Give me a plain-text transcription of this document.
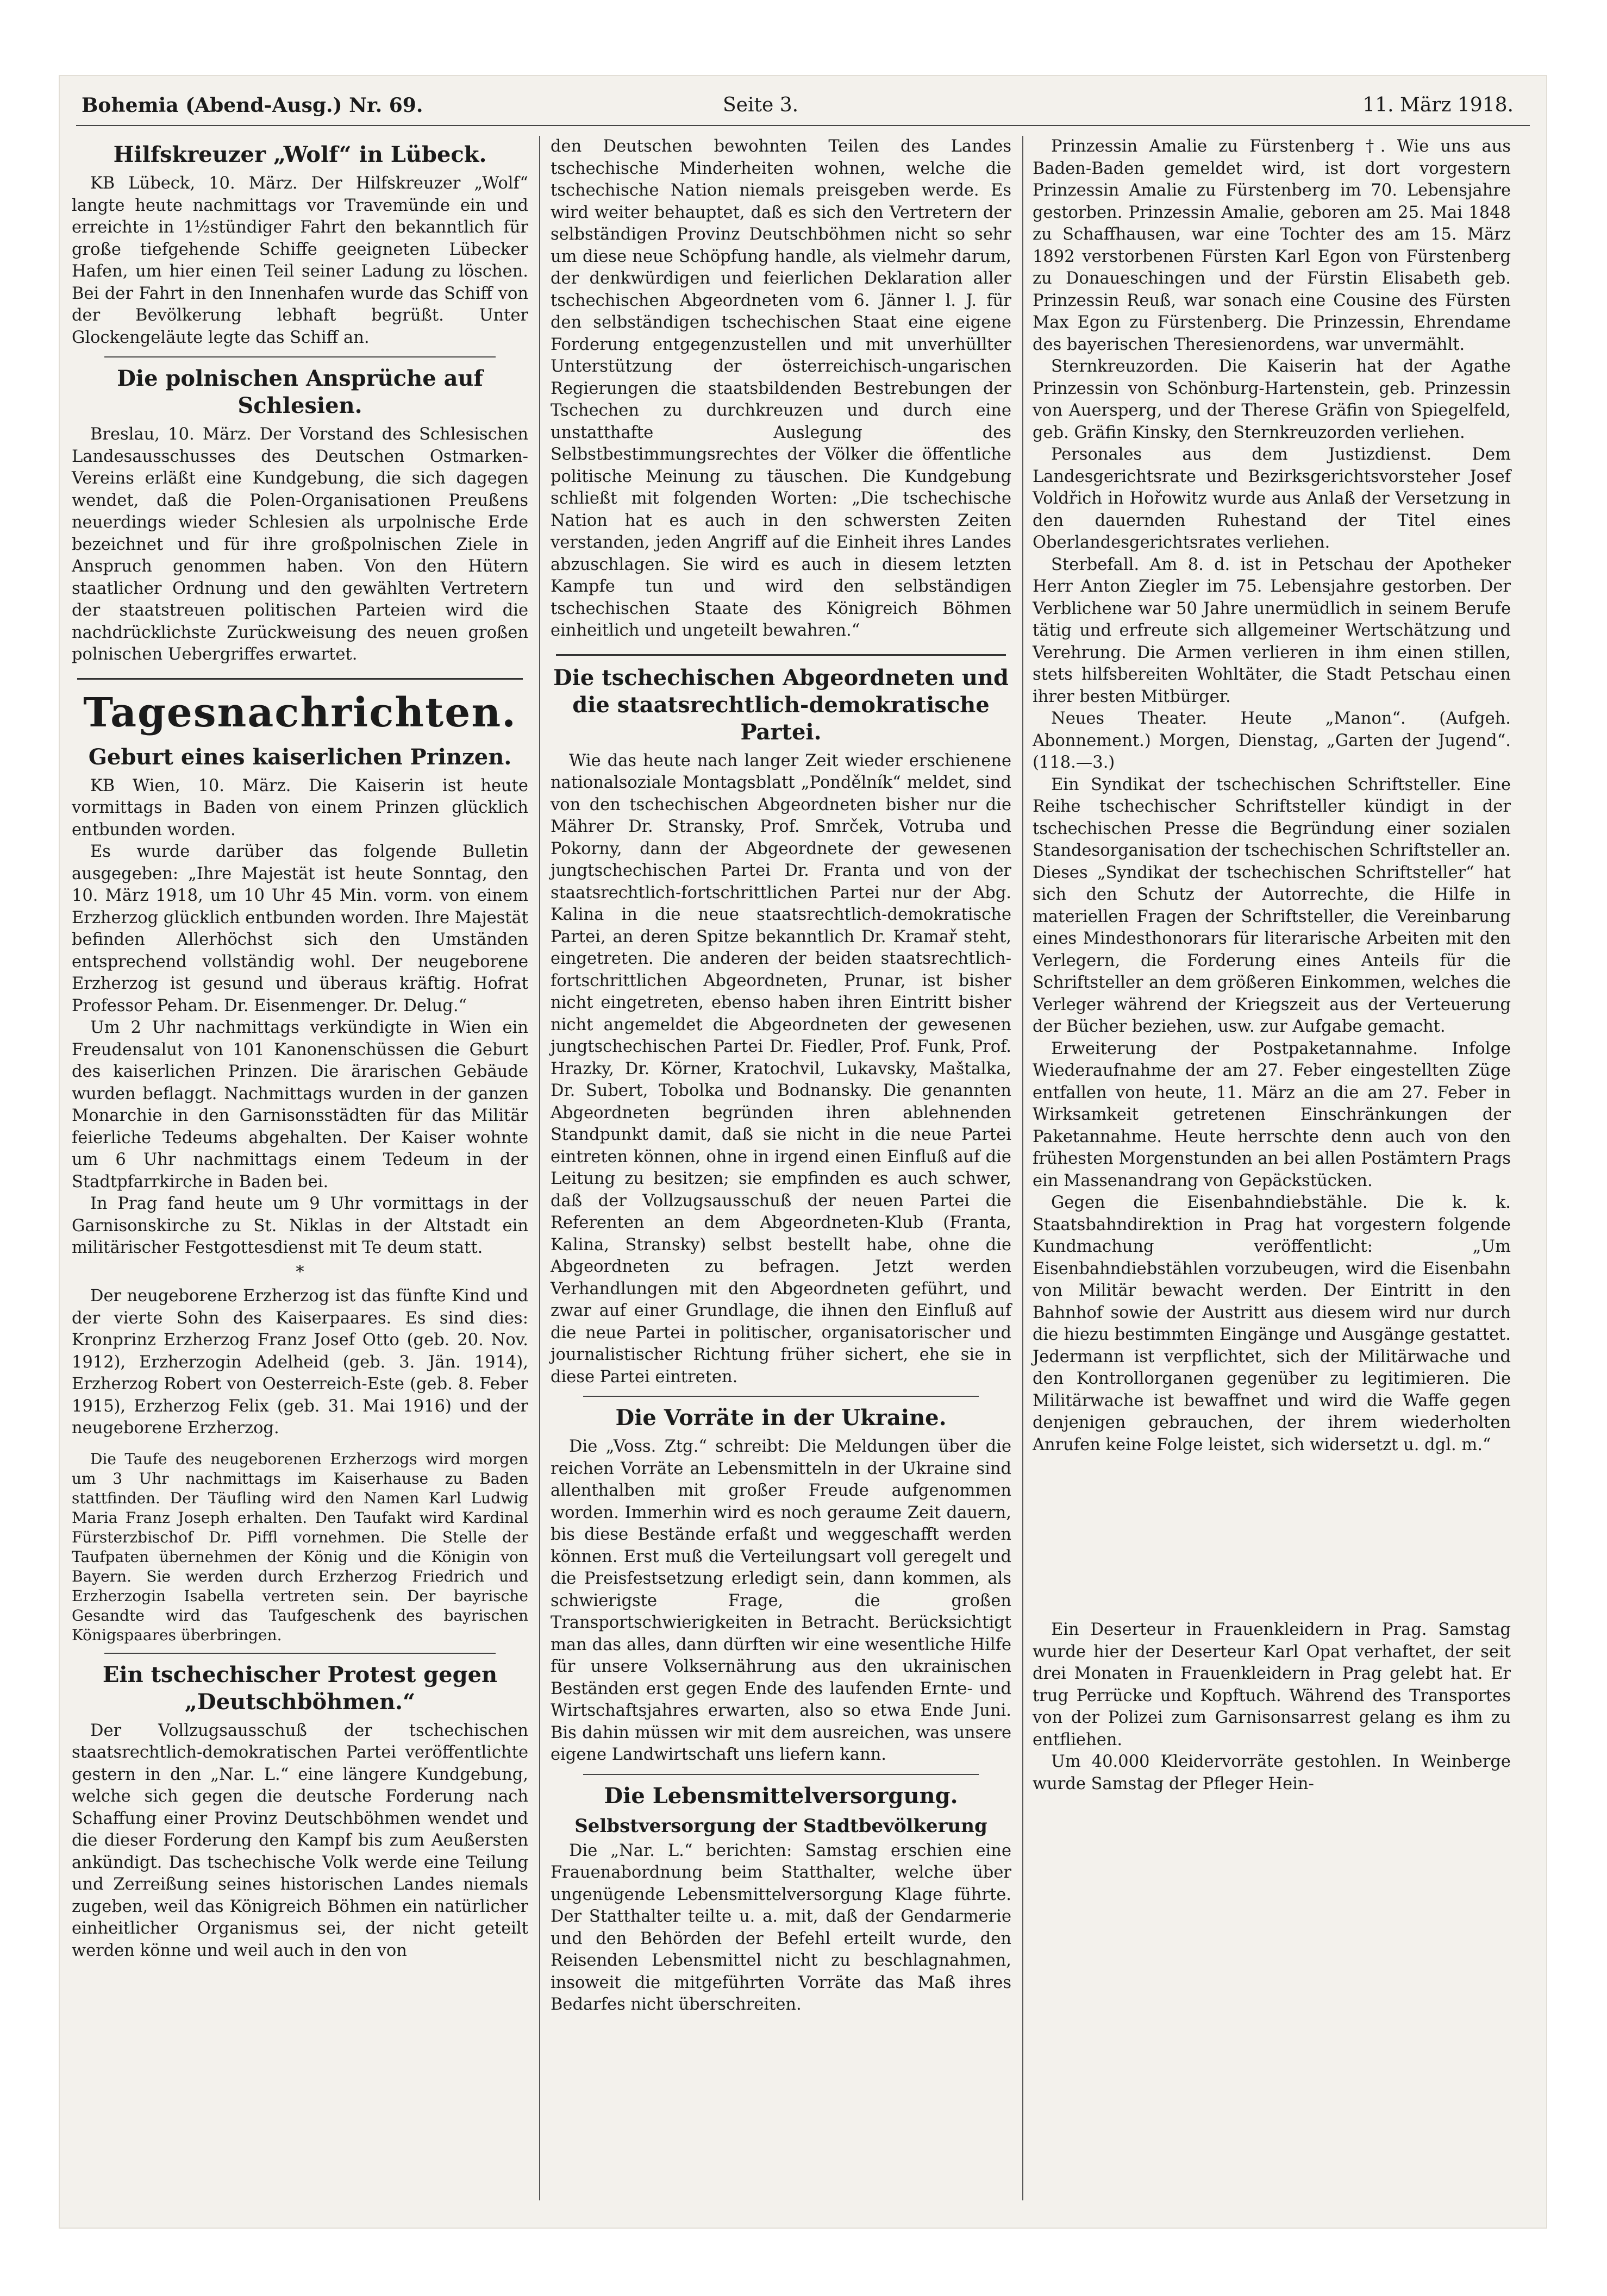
Bohemia (Abend-Ausg.) Nr. 69.	Seite 3.	11. März 1918.
Hilfskreuzer „Wolf“ in Lübeck.

KB Lübeck, 10. März. Der Hilfskreuzer „Wolf“ langte heute nachmittags vor Travemünde ein und erreichte in 1½stündiger Fahrt den bekanntlich für große tiefgehende Schiffe geeigneten Lübecker Hafen, um hier einen Teil seiner Ladung zu löschen. Bei der Fahrt in den Innenhafen wurde das Schiff von der Bevölkerung lebhaft begrüßt. Unter Glockengeläute legte das Schiff an.

Die polnischen Ansprüche auf Schlesien.

Breslau, 10. März. Der Vorstand des Schlesischen Landesausschusses des Deutschen Ostmarken-Vereins erläßt eine Kundgebung, die sich dagegen wendet, daß die Polen-Organisationen Preußens neuerdings wieder Schlesien als urpolnische Erde bezeichnet und für ihre großpolnischen Ziele in Anspruch genommen haben. Von den Hütern staatlicher Ordnung und den gewählten Vertretern der staatstreuen politischen Parteien wird die nachdrücklichste Zurückweisung des neuen großen polnischen Uebergriffes erwartet.

Tagesnachrichten.
Geburt eines kaiserlichen Prinzen.

KB Wien, 10. März. Die Kaiserin ist heute vormittags in Baden von einem Prinzen glücklich entbunden worden.

Es wurde darüber das folgende Bulletin ausgegeben: „Ihre Majestät ist heute Sonntag, den 10. März 1918, um 10 Uhr 45 Min. vorm. von einem Erzherzog glücklich entbunden worden. Ihre Majestät befinden Allerhöchst sich den Umständen entsprechend vollständig wohl. Der neugeborene Erzherzog ist gesund und überaus kräftig. Hofrat Professor Peham. Dr. Eisenmenger. Dr. Delug.“

Um 2 Uhr nachmittags verkündigte in Wien ein Freudensalut von 101 Kanonenschüssen die Geburt des kaiserlichen Prinzen. Die ärarischen Gebäude wurden beflaggt. Nachmittags wurden in der ganzen Monarchie in den Garnisonsstädten für das Militär feierliche Tedeums abgehalten. Der Kaiser wohnte um 6 Uhr nachmittags einem Tedeum in der Stadtpfarrkirche in Baden bei.

In Prag fand heute um 9 Uhr vormittags in der Garnisonskirche zu St. Niklas in der Altstadt ein militärischer Festgottesdienst mit Te deum statt.

*

Der neugeborene Erzherzog ist das fünfte Kind und der vierte Sohn des Kaiserpaares. Es sind dies: Kronprinz Erzherzog Franz Josef Otto (geb. 20. Nov. 1912), Erzherzogin Adelheid (geb. 3. Jän. 1914), Erzherzog Robert von Oesterreich-Este (geb. 8. Feber 1915), Erzherzog Felix (geb. 31. Mai 1916) und der neugeborene Erzherzog.

Die Taufe des neugeborenen Erzherzogs wird morgen um 3 Uhr nachmittags im Kaiserhause zu Baden stattfinden. Der Täufling wird den Namen Karl Ludwig Maria Franz Joseph erhalten. Den Taufakt wird Kardinal Fürsterzbischof Dr. Piffl vornehmen. Die Stelle der Taufpaten übernehmen der König und die Königin von Bayern. Sie werden durch Erzherzog Friedrich und Erzherzogin Isabella vertreten sein. Der bayrische Gesandte wird das Taufgeschenk des bayrischen Königspaares überbringen.

Ein tschechischer Protest gegen „Deutschböhmen.“

Der Vollzugsausschuß der tschechischen staatsrechtlich-demokratischen Partei veröffentlichte gestern in den „Nar. L.“ eine längere Kundgebung, welche sich gegen die deutsche Forderung nach Schaffung einer Provinz Deutschböhmen wendet und die dieser Forderung den Kampf bis zum Aeußersten ankündigt. Das tschechische Volk werde eine Teilung und Zerreißung seines historischen Landes niemals zugeben, weil das Königreich Böhmen ein natürlicher einheitlicher Organismus sei, der nicht geteilt werden könne und weil auch in den von

den Deutschen bewohnten Teilen des Landes tschechische Minderheiten wohnen, welche die tschechische Nation niemals preisgeben werde. Es wird weiter behauptet, daß es sich den Vertretern der selbständigen Provinz Deutschböhmen nicht so sehr um diese neue Schöpfung handle, als vielmehr darum, der denkwürdigen und feierlichen Deklaration aller tschechischen Abgeordneten vom 6. Jänner l. J. für den selbständigen tschechischen Staat eine eigene Forderung entgegenzustellen und mit unverhüllter Unterstützung der österreichisch-ungarischen Regierungen die staatsbildenden Bestrebungen der Tschechen zu durchkreuzen und durch eine unstatthafte Auslegung des Selbstbestimmungsrechtes der Völker die öffentliche politische Meinung zu täuschen. Die Kundgebung schließt mit folgenden Worten: „Die tschechische Nation hat es auch in den schwersten Zeiten verstanden, jeden Angriff auf die Einheit ihres Landes abzuschlagen. Sie wird es auch in diesem letzten Kampfe tun und wird den selbständigen tschechischen Staate des Königreich Böhmen einheitlich und ungeteilt bewahren.“

Die tschechischen Abgeordneten und die staatsrechtlich-demokratische Partei.

Wie das heute nach langer Zeit wieder erschienene nationalsoziale Montagsblatt „Pondělník“ meldet, sind von den tschechischen Abgeordneten bisher nur die Mährer Dr. Stransky, Prof. Smrček, Votruba und Pokorny, dann der Abgeordnete der gewesenen jungtschechischen Partei Dr. Franta und von der staatsrechtlich-fortschrittlichen Partei nur der Abg. Kalina in die neue staatsrechtlich-demokratische Partei, an deren Spitze bekanntlich Dr. Kramař steht, eingetreten. Die anderen der beiden staatsrechtlich-fortschrittlichen Abgeordneten, Prunar, ist bisher nicht eingetreten, ebenso haben ihren Eintritt bisher nicht angemeldet die Abgeordneten der gewesenen jungtschechischen Partei Dr. Fiedler, Prof. Funk, Prof. Hrazky, Dr. Körner, Kratochvil, Lukavsky, Maštalka, Dr. Subert, Tobolka und Bodnansky. Die genannten Abgeordneten begründen ihren ablehnenden Standpunkt damit, daß sie nicht in die neue Partei eintreten können, ohne in irgend einen Einfluß auf die Leitung zu besitzen; sie empfinden es auch schwer, daß der Vollzugsausschuß der neuen Partei die Referenten an dem Abgeordneten-Klub (Franta, Kalina, Stransky) selbst bestellt habe, ohne die Abgeordneten zu befragen. Jetzt werden Verhandlungen mit den Abgeordneten geführt, und zwar auf einer Grundlage, die ihnen den Einfluß auf die neue Partei in politischer, organisatorischer und journalistischer Richtung früher sichert, ehe sie in diese Partei eintreten.

Die Vorräte in der Ukraine.

Die „Voss. Ztg.“ schreibt: Die Meldungen über die reichen Vorräte an Lebensmitteln in der Ukraine sind allenthalben mit großer Freude aufgenommen worden. Immerhin wird es noch geraume Zeit dauern, bis diese Bestände erfaßt und weggeschafft werden können. Erst muß die Verteilungsart voll geregelt und die Preisfestsetzung erledigt sein, dann kommen, als schwierigste Frage, die großen Transportschwierigkeiten in Betracht. Berücksichtigt man das alles, dann dürften wir eine wesentliche Hilfe für unsere Volksernährung aus den ukrainischen Beständen erst gegen Ende des laufenden Ernte- und Wirtschaftsjahres erwarten, also so etwa Ende Juni. Bis dahin müssen wir mit dem ausreichen, was unsere eigene Landwirtschaft uns liefern kann.

Die Lebensmittelversorgung.
Selbstversorgung der Stadtbevölkerung

Die „Nar. L.“ berichten: Samstag erschien eine Frauenabordnung beim Statthalter, welche über ungenügende Lebensmittelversorgung Klage führte. Der Statthalter teilte u. a. mit, daß der Gendarmerie und den Behörden der Befehl erteilt wurde, den Reisenden Lebensmittel nicht zu beschlagnahmen, insoweit die mitgeführten Vorräte das Maß ihres Bedarfes nicht überschreiten.

Prinzessin Amalie zu Fürstenberg †. Wie uns aus Baden-Baden gemeldet wird, ist dort vorgestern Prinzessin Amalie zu Fürstenberg im 70. Lebensjahre gestorben. Prinzessin Amalie, geboren am 25. Mai 1848 zu Schaffhausen, war eine Tochter des am 15. März 1892 verstorbenen Fürsten Karl Egon von Fürstenberg zu Donaueschingen und der Fürstin Elisabeth geb. Prinzessin Reuß, war sonach eine Cousine des Fürsten Max Egon zu Fürstenberg. Die Prinzessin, Ehrendame des bayerischen Theresienordens, war unvermählt.

Sternkreuzorden. Die Kaiserin hat der Agathe Prinzessin von Schönburg-Hartenstein, geb. Prinzessin von Auersperg, und der Therese Gräfin von Spiegelfeld, geb. Gräfin Kinsky, den Sternkreuzorden verliehen.

Personales aus dem Justizdienst. Dem Landesgerichtsrate und Bezirksgerichtsvorsteher Josef Voldřich in Hořowitz wurde aus Anlaß der Versetzung in den dauernden Ruhestand der Titel eines Oberlandesgerichtsrates verliehen.

Sterbefall. Am 8. d. ist in Petschau der Apotheker Herr Anton Ziegler im 75. Lebensjahre gestorben. Der Verblichene war 50 Jahre unermüdlich in seinem Berufe tätig und erfreute sich allgemeiner Wertschätzung und Verehrung. Die Armen verlieren in ihm einen stillen, stets hilfsbereiten Wohltäter, die Stadt Petschau einen ihrer besten Mitbürger.

Neues Theater. Heute „Manon“. (Aufgeh. Abonnement.) Morgen, Dienstag, „Garten der Jugend“. (118.—3.)

Ein Syndikat der tschechischen Schriftsteller. Eine Reihe tschechischer Schriftsteller kündigt in der tschechischen Presse die Begründung einer sozialen Standesorganisation der tschechischen Schriftsteller an. Dieses „Syndikat der tschechischen Schriftsteller“ hat sich den Schutz der Autorrechte, die Hilfe in materiellen Fragen der Schriftsteller, die Vereinbarung eines Mindesthonorars für literarische Arbeiten mit den Verlegern, die Forderung eines Anteils für die Schriftsteller an dem größeren Einkommen, welches die Verleger während der Kriegszeit aus der Verteuerung der Bücher beziehen, usw. zur Aufgabe gemacht.

Erweiterung der Postpaketannahme. Infolge Wiederaufnahme der am 27. Feber eingestellten Züge entfallen von heute, 11. März an die am 27. Feber in Wirksamkeit getretenen Einschränkungen der Paketannahme. Heute herrschte denn auch von den frühesten Morgenstunden an bei allen Postämtern Prags ein Massenandrang von Gepäckstücken.

Gegen die Eisenbahndiebstähle. Die k. k. Staatsbahndirektion in Prag hat vorgestern folgende Kundmachung veröffentlicht: „Um Eisenbahndiebstählen vorzubeugen, wird die Eisenbahn von Militär bewacht werden. Der Eintritt in den Bahnhof sowie der Austritt aus diesem wird nur durch die hiezu bestimmten Eingänge und Ausgänge gestattet. Jedermann ist verpflichtet, sich der Militärwache und den Kontrollorganen gegenüber zu legitimieren. Die Militärwache ist bewaffnet und wird die Waffe gegen denjenigen gebrauchen, der ihrem wiederholten Anrufen keine Folge leistet, sich widersetzt u. dgl. m.“

Ein Deserteur in Frauenkleidern in Prag. Samstag wurde hier der Deserteur Karl Opat verhaftet, der seit drei Monaten in Frauenkleidern in Prag gelebt hat. Er trug Perrücke und Kopftuch. Während des Transportes von der Polizei zum Garnisonsarrest gelang es ihm zu entfliehen.

Um 40.000 Kleidervorräte gestohlen. In Weinberge wurde Samstag der Pfleger Hein-
